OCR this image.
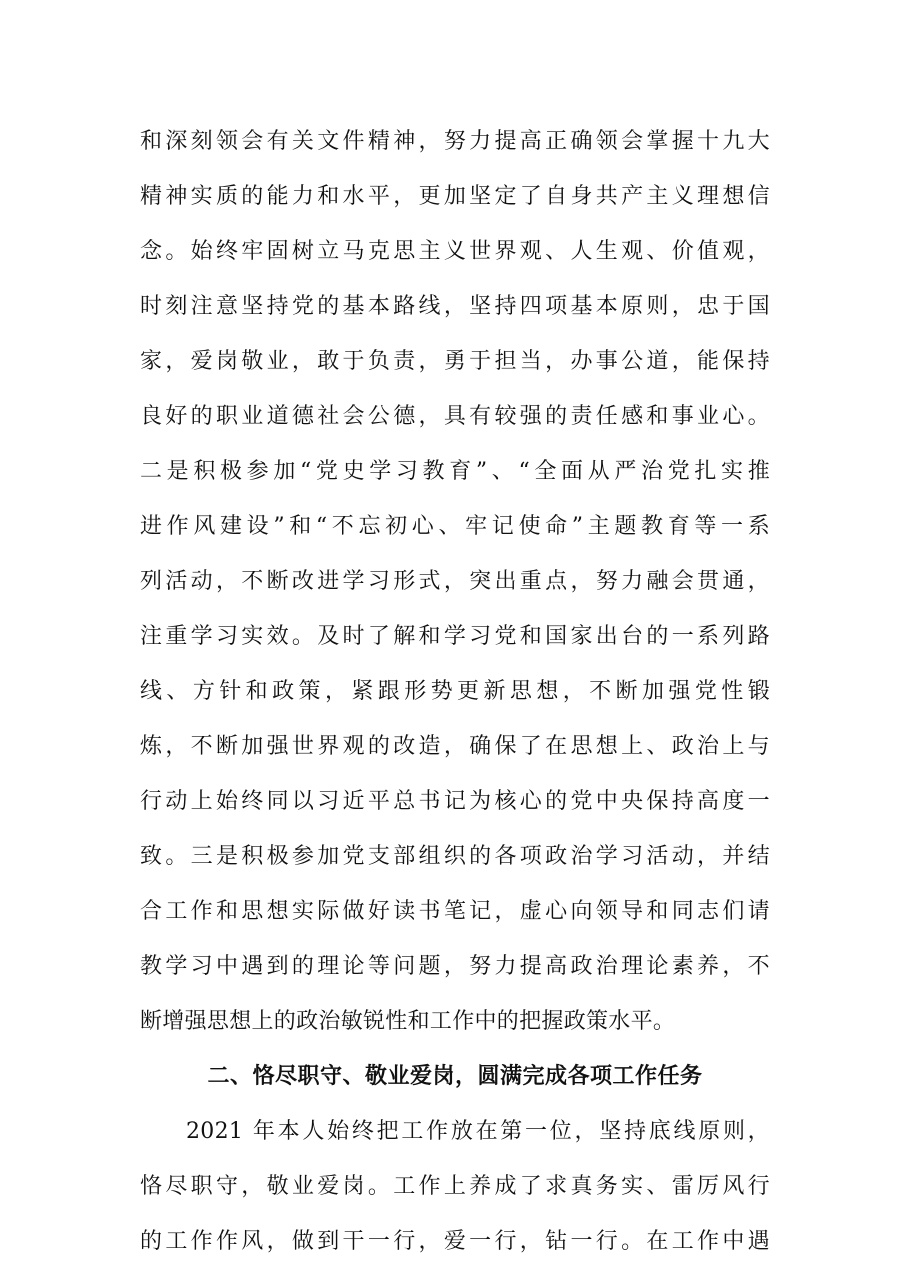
和深刻领会有关文件精神，努力提高正确领会掌握十九大
精神实质的能力和水平，更加坚定了自身共产主义理想信
念。始终牢固树立马克思主义世界观、人生观、价值观，
时刻注意坚持党的基本路线，坚持四项基本原则，忠于国
家，爱岗敬业，敢于负责，勇于担当，办事公道，能保持
良好的职业道德社会公德，具有较强的责任感和事业心。
二是积极参加“党史学习教育”、“全面从严治党扎实推
进作风建设”和“不忘初心、牢记使命”主题教育等一系
列活动，不断改进学习形式，突出重点，努力融会贯通，
注重学习实效。及时了解和学习党和国家出台的一系列路
线、方针和政策，紧跟形势更新思想，不断加强党性锻
炼，不断加强世界观的改造，确保了在思想上、政治上与
行动上始终同以习近平总书记为核心的党中央保持高度一
致。三是积极参加党支部组织的各项政治学习活动，并结
合工作和思想实际做好读书笔记，虚心向领导和同志们请
教学习中遇到的理论等问题，努力提高政治理论素养，不
断增强思想上的政治敏锐性和工作中的把握政策水平。
二、恪尽职守、敬业爱岗，圆满完成各项工作任务
2021 年本人始终把工作放在第一位，坚持底线原则，
恪尽职守，敬业爱岗。工作上养成了求真务实、雷厉风行
的工作作风，做到干一行，爱一行，钻一行。在工作中遇
